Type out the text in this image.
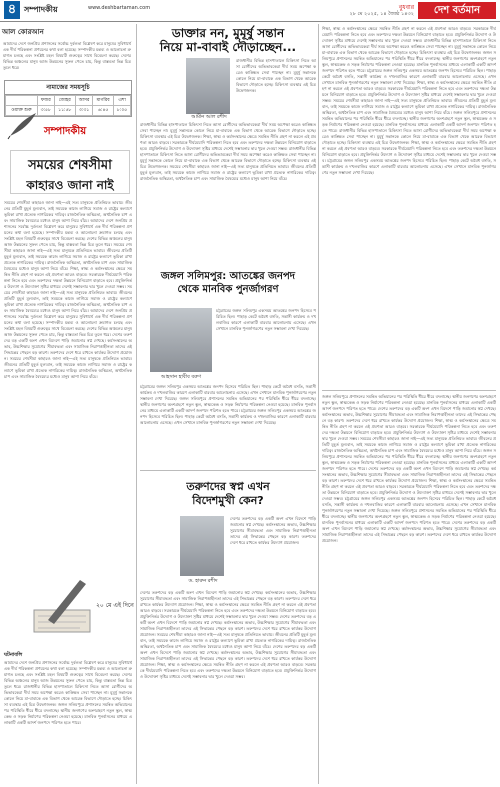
৪ সম্পাদকীয়	www.deshbartaman.com	বুধবার
২৮ মে ২০২৫, ১৪ জ্যৈষ্ঠ ১৪৩২	দেশ বর্তমান
আল কোরআন
আমাদের দেশে জনপ্রিয় প্রশাসনের সর্বোচ্চ দুর্বলতা বিশ্লেষণ করে মানুষের সুবিধার্থে এক দীর্ঘ পরিকল্পনা প্রণয়নের কথা বলা হয়েছে। সম্পাদকীয় মন্তব্য ও আলোচনা ক্রমাগত চলছে এবং সংশ্লিষ্ট মহল বিষয়টি গুরুত্বের সাথে বিবেচনা করছে। দেশের বিভিন্ন অঞ্চলের মানুষ আজ উন্নয়নের সুফল পেতে চায়, কিন্তু বাস্তবতা ভিন্ন চিত্র তুলে ধরে।
নামাজের সময়সূচি
	ফজর	জোহর	আসর	মাগরিব	এশা
ওয়াক্ত শুরু	৩:৫৮	১১:৫৮	৩:৩১	৬:৪৫	৮:০৫
সম্পাদকীয়
সময়ের শেষসীমা
কাহারও জানা নাই
সময়ের শেষসীমা কাহারও জানা নাই—এই সত্য মানুষকে প্রতিনিয়ত ভাবায়। জীবনের প্রতিটি মুহূর্ত মূল্যবান, তাই সময়কে কাজে লাগিয়ে সমাজ ও রাষ্ট্রের কল্যাণে ভূমিকা রাখা প্রত্যেক নাগরিকের দায়িত্ব। রাজনৈতিক অস্থিরতা, অর্থনৈতিক চাপ এবং সামাজিক বৈষম্যের মধ্যেও মানুষ আশা নিয়ে বাঁচে। আমাদের দেশে জনপ্রিয় প্রশাসনের সর্বোচ্চ দুর্বলতা বিশ্লেষণ করে মানুষের সুবিধার্থে এক দীর্ঘ পরিকল্পনা প্রণয়নের কথা বলা হয়েছে। সম্পাদকীয় মন্তব্য ও আলোচনা ক্রমাগত চলছে এবং সংশ্লিষ্ট মহল বিষয়টি গুরুত্বের সাথে বিবেচনা করছে। দেশের বিভিন্ন অঞ্চলের মানুষ আজ উন্নয়নের সুফল পেতে চায়, কিন্তু বাস্তবতা ভিন্ন চিত্র তুলে ধরে। সময়ের শেষসীমা কাহারও জানা নাই—এই সত্য মানুষকে প্রতিনিয়ত ভাবায়। জীবনের প্রতিটি মুহূর্ত মূল্যবান, তাই সময়কে কাজে লাগিয়ে সমাজ ও রাষ্ট্রের কল্যাণে ভূমিকা রাখা প্রত্যেক নাগরিকের দায়িত্ব। রাজনৈতিক অস্থিরতা, অর্থনৈতিক চাপ এবং সামাজিক বৈষম্যের মধ্যেও মানুষ আশা নিয়ে বাঁচে। শিক্ষা, স্বাস্থ্য ও কর্মসংস্থানের ক্ষেত্রে সমন্বিত নীতি গ্রহণ না করলে এই প্রবণতা আরও বাড়বে। সরকারকে দীর্ঘমেয়াদি পরিকল্পনা নিতে হবে এবং তরুণদের দক্ষতা উন্নয়নে বিনিয়োগ বাড়াতে হবে। প্রযুক্তিনির্ভর উদ্যোগ ও উদ্যোক্তা সৃষ্টির মাধ্যমে দেশেই সম্ভাবনার দ্বার খুলে দেওয়া সম্ভব। সময়ের শেষসীমা কাহারও জানা নাই—এই সত্য মানুষকে প্রতিনিয়ত ভাবায়। জীবনের প্রতিটি মুহূর্ত মূল্যবান, তাই সময়কে কাজে লাগিয়ে সমাজ ও রাষ্ট্রের কল্যাণে ভূমিকা রাখা প্রত্যেক নাগরিকের দায়িত্ব। রাজনৈতিক অস্থিরতা, অর্থনৈতিক চাপ এবং সামাজিক বৈষম্যের মধ্যেও মানুষ আশা নিয়ে বাঁচে। আমাদের দেশে জনপ্রিয় প্রশাসনের সর্বোচ্চ দুর্বলতা বিশ্লেষণ করে মানুষের সুবিধার্থে এক দীর্ঘ পরিকল্পনা প্রণয়নের কথা বলা হয়েছে। সম্পাদকীয় মন্তব্য ও আলোচনা ক্রমাগত চলছে এবং সংশ্লিষ্ট মহল বিষয়টি গুরুত্বের সাথে বিবেচনা করছে। দেশের বিভিন্ন অঞ্চলের মানুষ আজ উন্নয়নের সুফল পেতে চায়, কিন্তু বাস্তবতা ভিন্ন চিত্র তুলে ধরে। দেশের তরুণদের বড় একটি অংশ এখন বিদেশে পাড়ি জমানোর স্বপ্ন দেখছে। কর্মসংস্থানের অভাব, উচ্চশিক্ষার সুযোগের সীমাবদ্ধতা এবং সামাজিক নিরাপত্তাহীনতা তাদের এই সিদ্ধান্তের পেছনে বড় কারণ। তরুণদের দেশে ধরে রাখতে কার্যকর উদ্যোগ প্রয়োজন। সময়ের শেষসীমা কাহারও জানা নাই—এই সত্য মানুষকে প্রতিনিয়ত ভাবায়। জীবনের প্রতিটি মুহূর্ত মূল্যবান, তাই সময়কে কাজে লাগিয়ে সমাজ ও রাষ্ট্রের কল্যাণে ভূমিকা রাখা প্রত্যেক নাগরিকের দায়িত্ব। রাজনৈতিক অস্থিরতা, অর্থনৈতিক চাপ এবং সামাজিক বৈষম্যের মধ্যেও মানুষ আশা নিয়ে বাঁচে।
২০ মে এই দিনে
ঘটনাবলি
আমাদের দেশে জনপ্রিয় প্রশাসনের সর্বোচ্চ দুর্বলতা বিশ্লেষণ করে মানুষের সুবিধার্থে এক দীর্ঘ পরিকল্পনা প্রণয়নের কথা বলা হয়েছে। সম্পাদকীয় মন্তব্য ও আলোচনা ক্রমাগত চলছে এবং সংশ্লিষ্ট মহল বিষয়টি গুরুত্বের সাথে বিবেচনা করছে। দেশের বিভিন্ন অঞ্চলের মানুষ আজ উন্নয়নের সুফল পেতে চায়, কিন্তু বাস্তবতা ভিন্ন চিত্র তুলে ধরে। রাজধানীর বিভিন্ন হাসপাতালে চিকিৎসা নিতে আসা রোগীদের অভিভাবকেরা দীর্ঘ সময় অপেক্ষা করেও কাঙ্ক্ষিত সেবা পাচ্ছেন না। মুমূর্ষু সন্তানকে কোলে নিয়ে মা-বাবাকে এক বিভাগ থেকে আরেক বিভাগে দৌড়াতে হচ্ছে। চিকিৎসা ব্যবস্থার এই চিত্র উদ্বেগজনক। জঙ্গল সলিমপুরে প্রশাসনের সমন্বিত অভিযানের পর পরিস্থিতি ধীরে ধীরে বদলাচ্ছে। স্থানীয় জনগণের অংশগ্রহণে নতুন স্কুল, স্বাস্থ্যকেন্দ্র ও সড়ক নির্মাণের পরিকল্পনা নেওয়া হয়েছে। মানবিক পুনর্বাসনের মাধ্যমে এলাকাটি একটি আদর্শ জনপদে পরিণত হতে পারে।
ডাক্তার নন, মুমূর্ষু সন্তান
নিয়ে মা-বাবাই দৌড়াচ্ছেন...
আমীন আল রশীদ
রাজধানীর বিভিন্ন হাসপাতালে চিকিৎসা নিতে আসা রোগীদের অভিভাবকেরা দীর্ঘ সময় অপেক্ষা করেও কাঙ্ক্ষিত সেবা পাচ্ছেন না। মুমূর্ষু সন্তানকে কোলে নিয়ে মা-বাবাকে এক বিভাগ থেকে আরেক বিভাগে দৌড়াতে হচ্ছে। চিকিৎসা ব্যবস্থার এই চিত্র উদ্বেগজনক।
রাজধানীর বিভিন্ন হাসপাতালে চিকিৎসা নিতে আসা রোগীদের অভিভাবকেরা দীর্ঘ সময় অপেক্ষা করেও কাঙ্ক্ষিত সেবা পাচ্ছেন না। মুমূর্ষু সন্তানকে কোলে নিয়ে মা-বাবাকে এক বিভাগ থেকে আরেক বিভাগে দৌড়াতে হচ্ছে। চিকিৎসা ব্যবস্থার এই চিত্র উদ্বেগজনক। শিক্ষা, স্বাস্থ্য ও কর্মসংস্থানের ক্ষেত্রে সমন্বিত নীতি গ্রহণ না করলে এই প্রবণতা আরও বাড়বে। সরকারকে দীর্ঘমেয়াদি পরিকল্পনা নিতে হবে এবং তরুণদের দক্ষতা উন্নয়নে বিনিয়োগ বাড়াতে হবে। প্রযুক্তিনির্ভর উদ্যোগ ও উদ্যোক্তা সৃষ্টির মাধ্যমে দেশেই সম্ভাবনার দ্বার খুলে দেওয়া সম্ভব। রাজধানীর বিভিন্ন হাসপাতালে চিকিৎসা নিতে আসা রোগীদের অভিভাবকেরা দীর্ঘ সময় অপেক্ষা করেও কাঙ্ক্ষিত সেবা পাচ্ছেন না। মুমূর্ষু সন্তানকে কোলে নিয়ে মা-বাবাকে এক বিভাগ থেকে আরেক বিভাগে দৌড়াতে হচ্ছে। চিকিৎসা ব্যবস্থার এই চিত্র উদ্বেগজনক। সময়ের শেষসীমা কাহারও জানা নাই—এই সত্য মানুষকে প্রতিনিয়ত ভাবায়। জীবনের প্রতিটি মুহূর্ত মূল্যবান, তাই সময়কে কাজে লাগিয়ে সমাজ ও রাষ্ট্রের কল্যাণে ভূমিকা রাখা প্রত্যেক নাগরিকের দায়িত্ব। রাজনৈতিক অস্থিরতা, অর্থনৈতিক চাপ এবং সামাজিক বৈষম্যের মধ্যেও মানুষ আশা নিয়ে বাঁচে।
জঙ্গল সলিমপুর: আতঙ্কের জনপদ
থেকে মানবিক পুনর্জাগরণ
আহসান হাবীব বরুণ
চট্টগ্রামের জঙ্গল সলিমপুর একসময় আতঙ্কের জনপদ হিসেবে পরিচিত ছিল। পাহাড় কেটে অবৈধ বসতি, সন্ত্রাসী কার্যক্রম ও দখলবাজির কারণে এলাকাটি বারবার আলোচনায় এসেছে। এখন সেখানে মানবিক পুনর্জাগরণের নতুন সম্ভাবনা দেখা দিয়েছে।
চট্টগ্রামের জঙ্গল সলিমপুর একসময় আতঙ্কের জনপদ হিসেবে পরিচিত ছিল। পাহাড় কেটে অবৈধ বসতি, সন্ত্রাসী কার্যক্রম ও দখলবাজির কারণে এলাকাটি বারবার আলোচনায় এসেছে। এখন সেখানে মানবিক পুনর্জাগরণের নতুন সম্ভাবনা দেখা দিয়েছে। জঙ্গল সলিমপুরে প্রশাসনের সমন্বিত অভিযানের পর পরিস্থিতি ধীরে ধীরে বদলাচ্ছে। স্থানীয় জনগণের অংশগ্রহণে নতুন স্কুল, স্বাস্থ্যকেন্দ্র ও সড়ক নির্মাণের পরিকল্পনা নেওয়া হয়েছে। মানবিক পুনর্বাসনের মাধ্যমে এলাকাটি একটি আদর্শ জনপদে পরিণত হতে পারে। চট্টগ্রামের জঙ্গল সলিমপুর একসময় আতঙ্কের জনপদ হিসেবে পরিচিত ছিল। পাহাড় কেটে অবৈধ বসতি, সন্ত্রাসী কার্যক্রম ও দখলবাজির কারণে এলাকাটি বারবার আলোচনায় এসেছে। এখন সেখানে মানবিক পুনর্জাগরণের নতুন সম্ভাবনা দেখা দিয়েছে।
তরুণদের স্বপ্ন এখন
বিদেশমুখী কেন?
ড. হারুন রশীদ
দেশের তরুণদের বড় একটি অংশ এখন বিদেশে পাড়ি জমানোর স্বপ্ন দেখছে। কর্মসংস্থানের অভাব, উচ্চশিক্ষার সুযোগের সীমাবদ্ধতা এবং সামাজিক নিরাপত্তাহীনতা তাদের এই সিদ্ধান্তের পেছনে বড় কারণ। তরুণদের দেশে ধরে রাখতে কার্যকর উদ্যোগ প্রয়োজন।
দেশের তরুণদের বড় একটি অংশ এখন বিদেশে পাড়ি জমানোর স্বপ্ন দেখছে। কর্মসংস্থানের অভাব, উচ্চশিক্ষার সুযোগের সীমাবদ্ধতা এবং সামাজিক নিরাপত্তাহীনতা তাদের এই সিদ্ধান্তের পেছনে বড় কারণ। তরুণদের দেশে ধরে রাখতে কার্যকর উদ্যোগ প্রয়োজন। শিক্ষা, স্বাস্থ্য ও কর্মসংস্থানের ক্ষেত্রে সমন্বিত নীতি গ্রহণ না করলে এই প্রবণতা আরও বাড়বে। সরকারকে দীর্ঘমেয়াদি পরিকল্পনা নিতে হবে এবং তরুণদের দক্ষতা উন্নয়নে বিনিয়োগ বাড়াতে হবে। প্রযুক্তিনির্ভর উদ্যোগ ও উদ্যোক্তা সৃষ্টির মাধ্যমে দেশেই সম্ভাবনার দ্বার খুলে দেওয়া সম্ভব। দেশের তরুণদের বড় একটি অংশ এখন বিদেশে পাড়ি জমানোর স্বপ্ন দেখছে। কর্মসংস্থানের অভাব, উচ্চশিক্ষার সুযোগের সীমাবদ্ধতা এবং সামাজিক নিরাপত্তাহীনতা তাদের এই সিদ্ধান্তের পেছনে বড় কারণ। তরুণদের দেশে ধরে রাখতে কার্যকর উদ্যোগ প্রয়োজন। সময়ের শেষসীমা কাহারও জানা নাই—এই সত্য মানুষকে প্রতিনিয়ত ভাবায়। জীবনের প্রতিটি মুহূর্ত মূল্যবান, তাই সময়কে কাজে লাগিয়ে সমাজ ও রাষ্ট্রের কল্যাণে ভূমিকা রাখা প্রত্যেক নাগরিকের দায়িত্ব। রাজনৈতিক অস্থিরতা, অর্থনৈতিক চাপ এবং সামাজিক বৈষম্যের মধ্যেও মানুষ আশা নিয়ে বাঁচে। দেশের তরুণদের বড় একটি অংশ এখন বিদেশে পাড়ি জমানোর স্বপ্ন দেখছে। কর্মসংস্থানের অভাব, উচ্চশিক্ষার সুযোগের সীমাবদ্ধতা এবং সামাজিক নিরাপত্তাহীনতা তাদের এই সিদ্ধান্তের পেছনে বড় কারণ। তরুণদের দেশে ধরে রাখতে কার্যকর উদ্যোগ প্রয়োজন। শিক্ষা, স্বাস্থ্য ও কর্মসংস্থানের ক্ষেত্রে সমন্বিত নীতি গ্রহণ না করলে এই প্রবণতা আরও বাড়বে। সরকারকে দীর্ঘমেয়াদি পরিকল্পনা নিতে হবে এবং তরুণদের দক্ষতা উন্নয়নে বিনিয়োগ বাড়াতে হবে। প্রযুক্তিনির্ভর উদ্যোগ ও উদ্যোক্তা সৃষ্টির মাধ্যমে দেশেই সম্ভাবনার দ্বার খুলে দেওয়া সম্ভব।
শিক্ষা, স্বাস্থ্য ও কর্মসংস্থানের ক্ষেত্রে সমন্বিত নীতি গ্রহণ না করলে এই প্রবণতা আরও বাড়বে। সরকারকে দীর্ঘমেয়াদি পরিকল্পনা নিতে হবে এবং তরুণদের দক্ষতা উন্নয়নে বিনিয়োগ বাড়াতে হবে। প্রযুক্তিনির্ভর উদ্যোগ ও উদ্যোক্তা সৃষ্টির মাধ্যমে দেশেই সম্ভাবনার দ্বার খুলে দেওয়া সম্ভব। রাজধানীর বিভিন্ন হাসপাতালে চিকিৎসা নিতে আসা রোগীদের অভিভাবকেরা দীর্ঘ সময় অপেক্ষা করেও কাঙ্ক্ষিত সেবা পাচ্ছেন না। মুমূর্ষু সন্তানকে কোলে নিয়ে মা-বাবাকে এক বিভাগ থেকে আরেক বিভাগে দৌড়াতে হচ্ছে। চিকিৎসা ব্যবস্থার এই চিত্র উদ্বেগজনক। জঙ্গল সলিমপুরে প্রশাসনের সমন্বিত অভিযানের পর পরিস্থিতি ধীরে ধীরে বদলাচ্ছে। স্থানীয় জনগণের অংশগ্রহণে নতুন স্কুল, স্বাস্থ্যকেন্দ্র ও সড়ক নির্মাণের পরিকল্পনা নেওয়া হয়েছে। মানবিক পুনর্বাসনের মাধ্যমে এলাকাটি একটি আদর্শ জনপদে পরিণত হতে পারে। চট্টগ্রামের জঙ্গল সলিমপুর একসময় আতঙ্কের জনপদ হিসেবে পরিচিত ছিল। পাহাড় কেটে অবৈধ বসতি, সন্ত্রাসী কার্যক্রম ও দখলবাজির কারণে এলাকাটি বারবার আলোচনায় এসেছে। এখন সেখানে মানবিক পুনর্জাগরণের নতুন সম্ভাবনা দেখা দিয়েছে। শিক্ষা, স্বাস্থ্য ও কর্মসংস্থানের ক্ষেত্রে সমন্বিত নীতি গ্রহণ না করলে এই প্রবণতা আরও বাড়বে। সরকারকে দীর্ঘমেয়াদি পরিকল্পনা নিতে হবে এবং তরুণদের দক্ষতা উন্নয়নে বিনিয়োগ বাড়াতে হবে। প্রযুক্তিনির্ভর উদ্যোগ ও উদ্যোক্তা সৃষ্টির মাধ্যমে দেশেই সম্ভাবনার দ্বার খুলে দেওয়া সম্ভব। সময়ের শেষসীমা কাহারও জানা নাই—এই সত্য মানুষকে প্রতিনিয়ত ভাবায়। জীবনের প্রতিটি মুহূর্ত মূল্যবান, তাই সময়কে কাজে লাগিয়ে সমাজ ও রাষ্ট্রের কল্যাণে ভূমিকা রাখা প্রত্যেক নাগরিকের দায়িত্ব। রাজনৈতিক অস্থিরতা, অর্থনৈতিক চাপ এবং সামাজিক বৈষম্যের মধ্যেও মানুষ আশা নিয়ে বাঁচে। জঙ্গল সলিমপুরে প্রশাসনের সমন্বিত অভিযানের পর পরিস্থিতি ধীরে ধীরে বদলাচ্ছে। স্থানীয় জনগণের অংশগ্রহণে নতুন স্কুল, স্বাস্থ্যকেন্দ্র ও সড়ক নির্মাণের পরিকল্পনা নেওয়া হয়েছে। মানবিক পুনর্বাসনের মাধ্যমে এলাকাটি একটি আদর্শ জনপদে পরিণত হতে পারে। রাজধানীর বিভিন্ন হাসপাতালে চিকিৎসা নিতে আসা রোগীদের অভিভাবকেরা দীর্ঘ সময় অপেক্ষা করেও কাঙ্ক্ষিত সেবা পাচ্ছেন না। মুমূর্ষু সন্তানকে কোলে নিয়ে মা-বাবাকে এক বিভাগ থেকে আরেক বিভাগে দৌড়াতে হচ্ছে। চিকিৎসা ব্যবস্থার এই চিত্র উদ্বেগজনক। শিক্ষা, স্বাস্থ্য ও কর্মসংস্থানের ক্ষেত্রে সমন্বিত নীতি গ্রহণ না করলে এই প্রবণতা আরও বাড়বে। সরকারকে দীর্ঘমেয়াদি পরিকল্পনা নিতে হবে এবং তরুণদের দক্ষতা উন্নয়নে বিনিয়োগ বাড়াতে হবে। প্রযুক্তিনির্ভর উদ্যোগ ও উদ্যোক্তা সৃষ্টির মাধ্যমে দেশেই সম্ভাবনার দ্বার খুলে দেওয়া সম্ভব। চট্টগ্রামের জঙ্গল সলিমপুর একসময় আতঙ্কের জনপদ হিসেবে পরিচিত ছিল। পাহাড় কেটে অবৈধ বসতি, সন্ত্রাসী কার্যক্রম ও দখলবাজির কারণে এলাকাটি বারবার আলোচনায় এসেছে। এখন সেখানে মানবিক পুনর্জাগরণের নতুন সম্ভাবনা দেখা দিয়েছে।
জঙ্গল সলিমপুরে প্রশাসনের সমন্বিত অভিযানের পর পরিস্থিতি ধীরে ধীরে বদলাচ্ছে। স্থানীয় জনগণের অংশগ্রহণে নতুন স্কুল, স্বাস্থ্যকেন্দ্র ও সড়ক নির্মাণের পরিকল্পনা নেওয়া হয়েছে। মানবিক পুনর্বাসনের মাধ্যমে এলাকাটি একটি আদর্শ জনপদে পরিণত হতে পারে। দেশের তরুণদের বড় একটি অংশ এখন বিদেশে পাড়ি জমানোর স্বপ্ন দেখছে। কর্মসংস্থানের অভাব, উচ্চশিক্ষার সুযোগের সীমাবদ্ধতা এবং সামাজিক নিরাপত্তাহীনতা তাদের এই সিদ্ধান্তের পেছনে বড় কারণ। তরুণদের দেশে ধরে রাখতে কার্যকর উদ্যোগ প্রয়োজন। শিক্ষা, স্বাস্থ্য ও কর্মসংস্থানের ক্ষেত্রে সমন্বিত নীতি গ্রহণ না করলে এই প্রবণতা আরও বাড়বে। সরকারকে দীর্ঘমেয়াদি পরিকল্পনা নিতে হবে এবং তরুণদের দক্ষতা উন্নয়নে বিনিয়োগ বাড়াতে হবে। প্রযুক্তিনির্ভর উদ্যোগ ও উদ্যোক্তা সৃষ্টির মাধ্যমে দেশেই সম্ভাবনার দ্বার খুলে দেওয়া সম্ভব। সময়ের শেষসীমা কাহারও জানা নাই—এই সত্য মানুষকে প্রতিনিয়ত ভাবায়। জীবনের প্রতিটি মুহূর্ত মূল্যবান, তাই সময়কে কাজে লাগিয়ে সমাজ ও রাষ্ট্রের কল্যাণে ভূমিকা রাখা প্রত্যেক নাগরিকের দায়িত্ব। রাজনৈতিক অস্থিরতা, অর্থনৈতিক চাপ এবং সামাজিক বৈষম্যের মধ্যেও মানুষ আশা নিয়ে বাঁচে। জঙ্গল সলিমপুরে প্রশাসনের সমন্বিত অভিযানের পর পরিস্থিতি ধীরে ধীরে বদলাচ্ছে। স্থানীয় জনগণের অংশগ্রহণে নতুন স্কুল, স্বাস্থ্যকেন্দ্র ও সড়ক নির্মাণের পরিকল্পনা নেওয়া হয়েছে। মানবিক পুনর্বাসনের মাধ্যমে এলাকাটি একটি আদর্শ জনপদে পরিণত হতে পারে। দেশের তরুণদের বড় একটি অংশ এখন বিদেশে পাড়ি জমানোর স্বপ্ন দেখছে। কর্মসংস্থানের অভাব, উচ্চশিক্ষার সুযোগের সীমাবদ্ধতা এবং সামাজিক নিরাপত্তাহীনতা তাদের এই সিদ্ধান্তের পেছনে বড় কারণ। তরুণদের দেশে ধরে রাখতে কার্যকর উদ্যোগ প্রয়োজন। শিক্ষা, স্বাস্থ্য ও কর্মসংস্থানের ক্ষেত্রে সমন্বিত নীতি গ্রহণ না করলে এই প্রবণতা আরও বাড়বে। সরকারকে দীর্ঘমেয়াদি পরিকল্পনা নিতে হবে এবং তরুণদের দক্ষতা উন্নয়নে বিনিয়োগ বাড়াতে হবে। প্রযুক্তিনির্ভর উদ্যোগ ও উদ্যোক্তা সৃষ্টির মাধ্যমে দেশেই সম্ভাবনার দ্বার খুলে দেওয়া সম্ভব। চট্টগ্রামের জঙ্গল সলিমপুর একসময় আতঙ্কের জনপদ হিসেবে পরিচিত ছিল। পাহাড় কেটে অবৈধ বসতি, সন্ত্রাসী কার্যক্রম ও দখলবাজির কারণে এলাকাটি বারবার আলোচনায় এসেছে। এখন সেখানে মানবিক পুনর্জাগরণের নতুন সম্ভাবনা দেখা দিয়েছে। জঙ্গল সলিমপুরে প্রশাসনের সমন্বিত অভিযানের পর পরিস্থিতি ধীরে ধীরে বদলাচ্ছে। স্থানীয় জনগণের অংশগ্রহণে নতুন স্কুল, স্বাস্থ্যকেন্দ্র ও সড়ক নির্মাণের পরিকল্পনা নেওয়া হয়েছে। মানবিক পুনর্বাসনের মাধ্যমে এলাকাটি একটি আদর্শ জনপদে পরিণত হতে পারে। দেশের তরুণদের বড় একটি অংশ এখন বিদেশে পাড়ি জমানোর স্বপ্ন দেখছে। কর্মসংস্থানের অভাব, উচ্চশিক্ষার সুযোগের সীমাবদ্ধতা এবং সামাজিক নিরাপত্তাহীনতা তাদের এই সিদ্ধান্তের পেছনে বড় কারণ। তরুণদের দেশে ধরে রাখতে কার্যকর উদ্যোগ প্রয়োজন।
